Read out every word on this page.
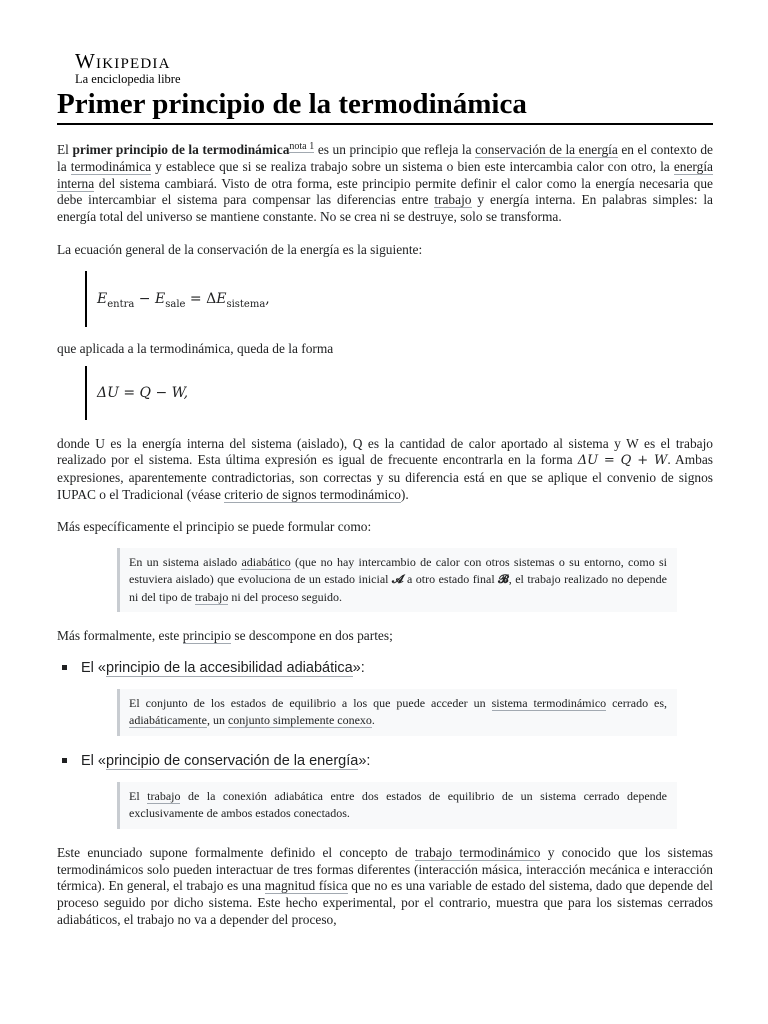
Wikipedia
La enciclopedia libre
Primer principio de la termodinámica

El primer principio de la termodinámica$^{nota 1}$ es un principio que refleja la conservación de la energía en el contexto de la termodinámica y establece que si se realiza trabajo sobre un sistema o bien este intercambia calor con otro, la energía interna del sistema cambiará. Visto de otra forma, este principio permite definir el calor como la energía necesaria que debe intercambiar el sistema para compensar las diferencias entre trabajo y energía interna. En palabras simples: la energía total del universo se mantiene constante. No se crea ni se destruye, solo se transforma.

La ecuación general de la conservación de la energía es la siguiente:

$E_{entra} - E_{sale} = \Delta E_{sistema}$,

que aplicada a la termodinámica, queda de la forma

ΔU = Q − W,

donde U es la energía interna del sistema (aislado), Q es la cantidad de calor aportado al sistema y W es el trabajo realizado por el sistema. Esta última expresión es igual de frecuente encontrarla en la forma ΔU = Q + W. Ambas expresiones, aparentemente contradictorias, son correctas y su diferencia está en que se aplique el convenio de signos IUPAC o el Tradicional (véase criterio de signos termodinámico).

Más específicamente el principio se puede formular como:

En un sistema aislado adiabático (que no hay intercambio de calor con otros sistemas o su entorno, como si estuviera aislado) que evoluciona de un estado inicial 𝓐 a otro estado final 𝓑, el trabajo realizado no depende ni del tipo de trabajo ni del proceso seguido.

Más formalmente, este principio se descompone en dos partes;

El «principio de la accesibilidad adiabática»:

El conjunto de los estados de equilibrio a los que puede acceder un sistema termodinámico cerrado es, adiabáticamente, un conjunto simplemente conexo.

El «principio de conservación de la energía»:

El trabajo de la conexión adiabática entre dos estados de equilibrio de un sistema cerrado depende exclusivamente de ambos estados conectados.

Este enunciado supone formalmente definido el concepto de trabajo termodinámico y conocido que los sistemas termodinámicos solo pueden interactuar de tres formas diferentes (interacción másica, interacción mecánica e interacción térmica). En general, el trabajo es una magnitud física que no es una variable de estado del sistema, dado que depende del proceso seguido por dicho sistema. Este hecho experimental, por el contrario, muestra que para los sistemas cerrados adiabáticos, el trabajo no va a depender del proceso,
